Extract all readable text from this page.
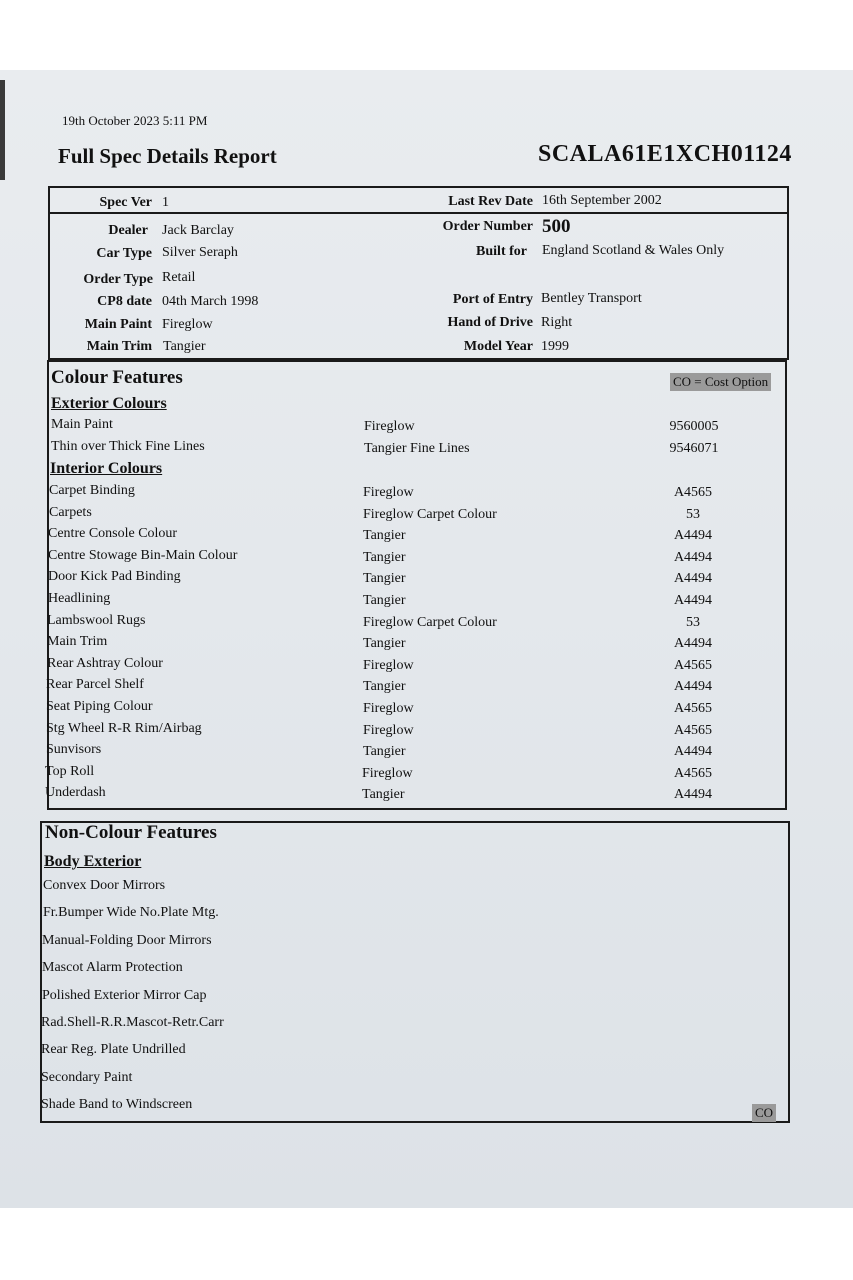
19th October 2023 5:11 PM
Full Spec Details Report	SCALA61E1XCH01124
Spec Ver 1	Last Rev Date 16th September 2002
Dealer Jack Barclay	Order Number 500
Car Type Silver Seraph	Built for England Scotland & Wales Only
Order Type Retail
CP8 date 04th March 1998	Port of Entry Bentley Transport
Main Paint Fireglow	Hand of Drive Right
Main Trim Tangier	Model Year 1999
Colour Features	CO = Cost Option
Exterior Colours
Main Paint	Fireglow	9560005
Thin over Thick Fine Lines	Tangier Fine Lines	9546071
Interior Colours
Carpet Binding	Fireglow	A4565
Carpets	Fireglow Carpet Colour	53
Centre Console Colour	Tangier	A4494
Centre Stowage Bin-Main Colour	Tangier	A4494
Door Kick Pad Binding	Tangier	A4494
Headlining	Tangier	A4494
Lambswool Rugs	Fireglow Carpet Colour	53
Main Trim	Tangier	A4494
Rear Ashtray Colour	Fireglow	A4565
Rear Parcel Shelf	Tangier	A4494
Seat Piping Colour	Fireglow	A4565
Stg Wheel R-R Rim/Airbag	Fireglow	A4565
Sunvisors	Tangier	A4494
Top Roll	Fireglow	A4565
Underdash	Tangier	A4494
Non-Colour Features
Body Exterior
Convex Door Mirrors
Fr.Bumper Wide No.Plate Mtg.
Manual-Folding Door Mirrors
Mascot Alarm Protection
Polished Exterior Mirror Cap
Rad.Shell-R.R.Mascot-Retr.Carr
Rear Reg. Plate Undrilled
Secondary Paint
Shade Band to Windscreen
CO
